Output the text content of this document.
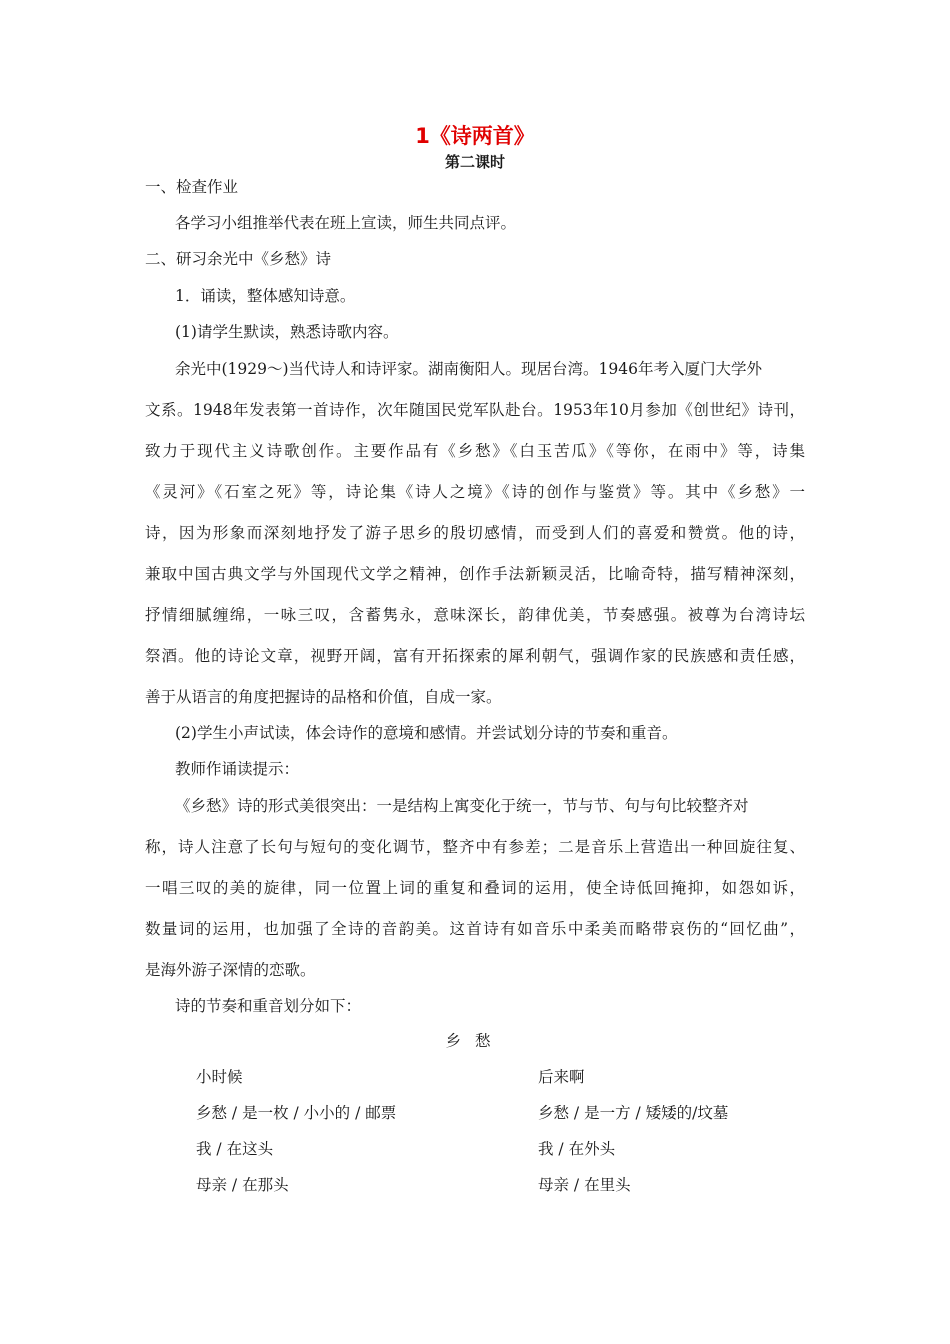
1《诗两首》
第二课时
一、检查作业
各学习小组推举代表在班上宣读，师生共同点评。
二、研习余光中《乡愁》诗
1．诵读，整体感知诗意。
(1)请学生默读，熟悉诗歌内容。
余光中(1929～)当代诗人和诗评家。湖南衡阳人。现居台湾。1946年考入厦门大学外
文系。1948年发表第一首诗作，次年随国民党军队赴台。1953年10月参加《创世纪》诗刊，
致力于现代主义诗歌创作。主要作品有《乡愁》《白玉苦瓜》《等你，在雨中》等，诗集
《灵河》《石室之死》等，诗论集《诗人之境》《诗的创作与鉴赏》等。其中《乡愁》一
诗，因为形象而深刻地抒发了游子思乡的殷切感情，而受到人们的喜爱和赞赏。他的诗，
兼取中国古典文学与外国现代文学之精神，创作手法新颖灵活，比喻奇特，描写精神深刻，
抒情细腻缠绵，一咏三叹，含蓄隽永，意味深长，韵律优美，节奏感强。被尊为台湾诗坛
祭酒。他的诗论文章，视野开阔，富有开拓探索的犀利朝气，强调作家的民族感和责任感，
善于从语言的角度把握诗的品格和价值，自成一家。
(2)学生小声试读，体会诗作的意境和感情。并尝试划分诗的节奏和重音。
教师作诵读提示：
《乡愁》诗的形式美很突出：一是结构上寓变化于统一，节与节、句与句比较整齐对
称，诗人注意了长句与短句的变化调节，整齐中有参差；二是音乐上营造出一种回旋往复、
一唱三叹的美的旋律，同一位置上词的重复和叠词的运用，使全诗低回掩抑，如怨如诉，
数量词的运用，也加强了全诗的音韵美。这首诗有如音乐中柔美而略带哀伤的“回忆曲”，
是海外游子深情的恋歌。
诗的节奏和重音划分如下：
乡愁
小时候
乡愁 / 是一枚 / 小小的 / 邮票
我 / 在这头
母亲 / 在那头
后来啊
乡愁 / 是一方 / 矮矮的/坟墓
我 / 在外头
母亲 / 在里头
